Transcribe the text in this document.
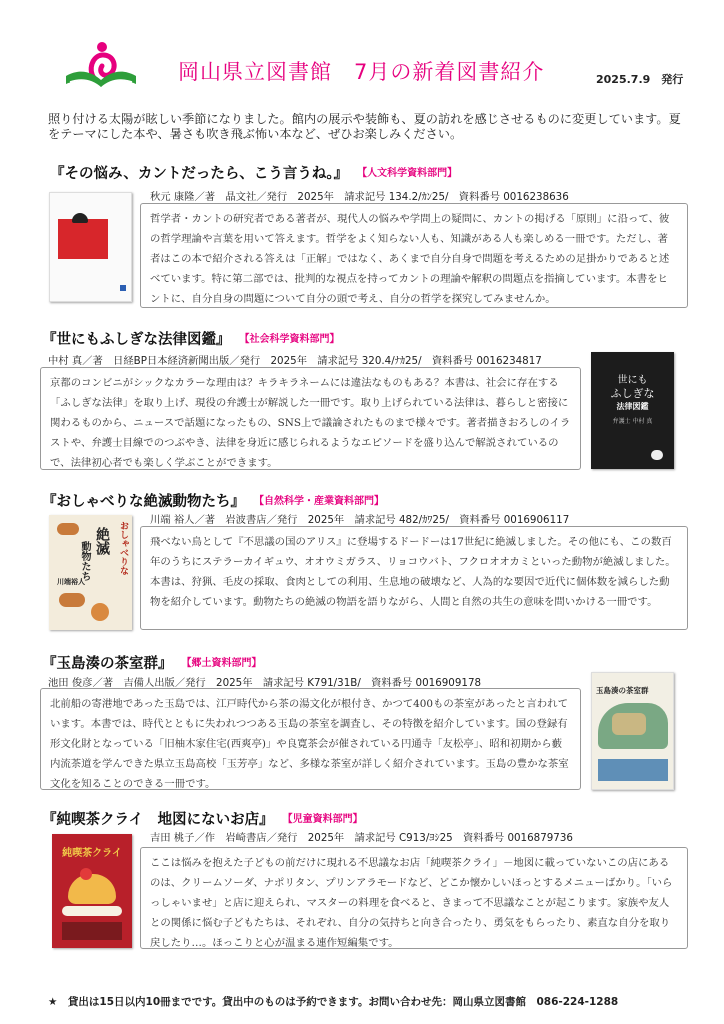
岡山県立図書館　7月の新着図書紹介	2025.7.9　発行
照り付ける太陽が眩しい季節になりました。館内の展示や装飾も、夏の訪れを感じさせるものに変更しています。夏をテーマにした本や、暑さも吹き飛ぶ怖い本など、ぜひお楽しみください。
『その悩み、カントだったら、こう言うね。』 【人文科学資料部門】
秋元 康隆／著　晶文社／発行　2025年　請求記号 134.2/ｶﾝ25/　資料番号 0016238636
哲学者・カントの研究者である著者が、現代人の悩みや学問上の疑問に、カントの掲げる「原則」に沿って、彼の哲学理論や言葉を用いて答えます。哲学をよく知らない人も、知識がある人も楽しめる一冊です。ただし、著者はこの本で紹介される答えは「正解」ではなく、あくまで自分自身で問題を考えるための足掛かりであると述べています。特に第二部では、批判的な視点を持ってカントの理論や解釈の問題点を指摘しています。本書をヒントに、自分自身の問題について自分の頭で考え、自分の哲学を探究してみませんか。
『世にもふしぎな法律図鑑』 【社会科学資料部門】
中村 真／著　日経BP日本経済新聞出版／発行　2025年　請求記号 320.4/ﾅｶ25/　資料番号 0016234817
京都のコンビニがシックなカラーな理由は？キラキラネームには違法なものもある？本書は、社会に存在する「ふしぎな法律」を取り上げ、現役の弁護士が解説した一冊です。取り上げられている法律は、暮らしと密接に関わるものから、ニュースで話題になったもの、SNS上で議論されたものまで様々です。著者描きおろしのイラストや、弁護士目線でのつぶやき、法律を身近に感じられるようなエピソードを盛り込んで解説されているので、法律初心者でも楽しく学ぶことができます。
世にも
ふしぎな
法律図鑑
弁護士 中村 真
『おしゃべりな絶滅動物たち』 【自然科学・産業資料部門】
川端 裕人／著　岩波書店／発行　2025年　請求記号 482/ｶﾜ25/　資料番号 0016906117
おしゃべりな
絶滅
動物たち
川端裕人
飛べない鳥として『不思議の国のアリス』に登場するドードーは17世紀に絶滅しました。その他にも、この数百年のうちにステラーカイギュウ、オオウミガラス、リョコウバト、フクロオオカミといった動物が絶滅しました。本書は、狩猟、毛皮の採取、食肉としての利用、生息地の破壊など、人為的な要因で近代に個体数を減らした動物を紹介しています。動物たちの絶滅の物語を語りながら、人間と自然の共生の意味を問いかける一冊です。
『玉島湊の茶室群』 【郷土資料部門】
池田 俊彦／著　吉備人出版／発行　2025年　請求記号 K791/31B/　資料番号 0016909178
北前船の寄港地であった玉島では、江戸時代から茶の湯文化が根付き、かつて400もの茶室があったと言われています。本書では、時代とともに失われつつある玉島の茶室を調査し、その特徴を紹介しています。国の登録有形文化財となっている「旧柚木家住宅(西爽亭)」や良寛茶会が催されている円通寺「友松亭」、昭和初期から藪内流茶道を学んできた県立玉島高校「玉芳亭」など、多様な茶室が詳しく紹介されています。玉島の豊かな茶室文化を知ることのできる一冊です。
玉島湊の茶室群
『純喫茶クライ　地図にないお店』 【児童資料部門】
吉田 桃子／作　岩崎書店／発行　2025年　請求記号 C913/ﾖｼ25　資料番号 0016879736
純喫茶クライ
ここは悩みを抱えた子どもの前だけに現れる不思議なお店「純喫茶クライ」－地図に載っていないこの店にあるのは、クリームソーダ、ナポリタン、プリンアラモードなど、どこか懐かしいほっとするメニューばかり。「いらっしゃいませ」と店に迎えられ、マスターの料理を食べると、きまって不思議なことが起こります。家族や友人との関係に悩む子どもたちは、それぞれ、自分の気持ちと向き合ったり、勇気をもらったり、素直な自分を取り戻したり…。ほっこりと心が温まる連作短編集です。
★　貸出は15日以内10冊までです。貸出中のものは予約できます。お問い合わせ先：岡山県立図書館　086-224-1288
